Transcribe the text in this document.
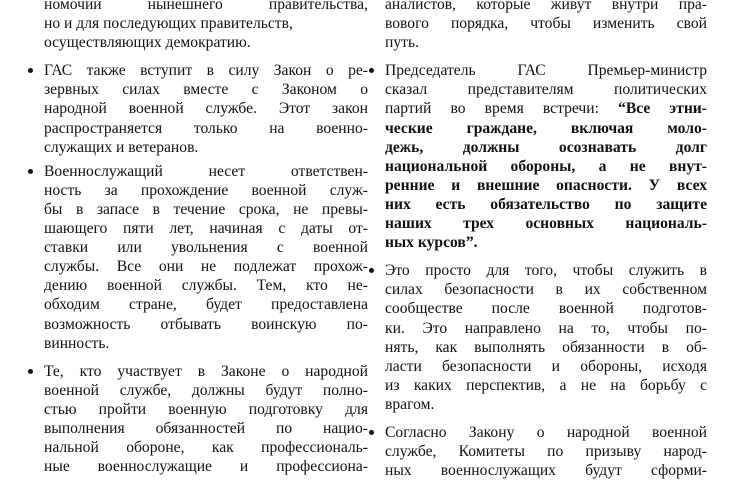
номочий нынешнего правительства,
но и для последующих правительств,
осуществляющих демократию.
ГАС также вступит в силу Закон о ре-
зервных силах вместе с Законом о
народной военной службе. Этот закон
распространяется только на военно-
служащих и ветеранов.
Военнослужащий несет ответствен-
ность за прохождение военной служ-
бы в запасе в течение срока, не превы-
шающего пяти лет, начиная с даты от-
ставки или увольнения с военной
службы. Все они не подлежат прохож-
дению военной службы. Тем, кто не-
обходим стране, будет предоставлена
возможность отбывать воинскую по-
винность.
Те, кто участвует в Законе о народной
военной службе, должны будут полно-
стью пройти военную подготовку для
выполнения обязанностей по нацио-
нальной обороне, как профессиональ-
ные военнослужащие и профессиона-
аналистов, которые живут внутри пра-
вового порядка, чтобы изменить свой
путь.
Председатель ГАС Премьер-министр
сказал представителям политических
партий во время встречи: “Все этни-
ческие граждане, включая моло-
дежь, должны осознавать долг
национальной обороны, а не внут-
ренние и внешние опасности. У всех
них есть обязательство по защите
наших трех основных националь-
ных курсов”.
Это просто для того, чтобы служить в
силах безопасности в их собственном
сообществе после военной подготов-
ки. Это направлено на то, чтобы по-
нять, как выполнять обязанности в об-
ласти безопасности и обороны, исходя
из каких перспектив, а не на борьбу с
врагом.
Согласно Закону о народной военной
службе, Комитеты по призыву народ-
ных военнослужащих будут сформи-
